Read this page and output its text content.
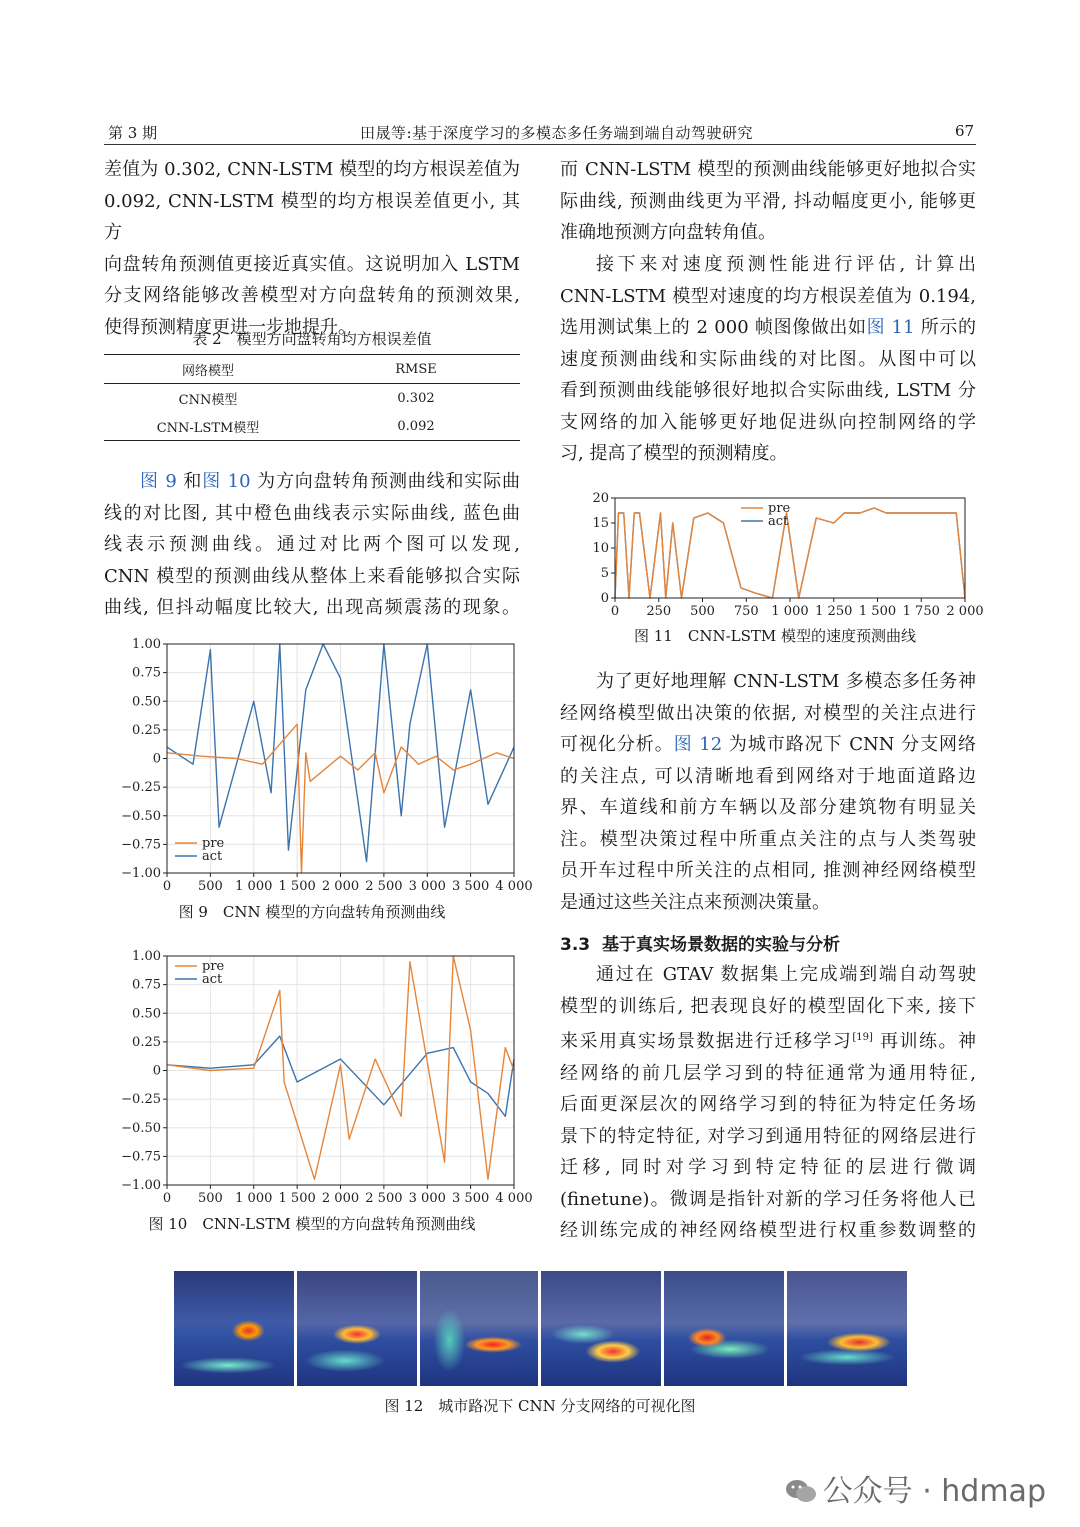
第 3 期	田晟等:基于深度学习的多模态多任务端到端自动驾驶研究	67

差值为 0.302, CNN-LSTM 模型的均方根误差值为

0.092, CNN-LSTM 模型的均方根误差值更小, 其方

向盘转角预测值更接近真实值。这说明加入 LSTM

分支网络能够改善模型对方向盘转角的预测效果,

使得预测精度更进一步地提升。

表 2　模型方向盘转角均方根误差值
网络模型	RMSE
CNN模型	0.302
CNN-LSTM模型	0.092

图 9 和图 10 为方向盘转角预测曲线和实际曲

线的对比图, 其中橙色曲线表示实际曲线, 蓝色曲

线表示预测曲线。通过对比两个图可以发现,

CNN 模型的预测曲线从整体上来看能够拟合实际

曲线, 但抖动幅度比较大, 出现高频震荡的现象。

0 500 1 000 1 500 2 000 2 500 3 000 3 500 4 000
1.00
0.75
0.50
0.25
0
−0.25
−0.50
−0.75
−1.00
pre
act
图 9　CNN 模型的方向盘转角预测曲线
0 500 1 000 1 500 2 000 2 500 3 000 3 500 4 000
1.00
0.75
0.50
0.25
0
−0.25
−0.50
−0.75
−1.00
pre
act
图 10　CNN-LSTM 模型的方向盘转角预测曲线

而 CNN-LSTM 模型的预测曲线能够更好地拟合实

际曲线, 预测曲线更为平滑, 抖动幅度更小, 能够更

准确地预测方向盘转角值。

接下来对速度预测性能进行评估, 计算出

CNN-LSTM 模型对速度的均方根误差值为 0.194,

选用测试集上的 2 000 帧图像做出如图 11 所示的

速度预测曲线和实际曲线的对比图。从图中可以

看到预测曲线能够很好地拟合实际曲线, LSTM 分

支网络的加入能够更好地促进纵向控制网络的学

习, 提高了模型的预测精度。

0 250 500 750 1 000 1 250 1 500 1 750 2 000
20
15
10
5
0
pre
act
图 11　CNN-LSTM 模型的速度预测曲线

为了更好地理解 CNN-LSTM 多模态多任务神

经网络模型做出决策的依据, 对模型的关注点进行

可视化分析。图 12 为城市路况下 CNN 分支网络

的关注点, 可以清晰地看到网络对于地面道路边

界、车道线和前方车辆以及部分建筑物有明显关

注。模型决策过程中所重点关注的点与人类驾驶

员开车过程中所关注的点相同, 推测神经网络模型

是通过这些关注点来预测决策量。

3.3 基于真实场景数据的实验与分析

通过在 GTAV 数据集上完成端到端自动驾驶

模型的训练后, 把表现良好的模型固化下来, 接下

来采用真实场景数据进行迁移学习[19] 再训练。神

经网络的前几层学习到的特征通常为通用特征,

后面更深层次的网络学习到的特征为特定任务场

景下的特定特征, 对学习到通用特征的网络层进行

迁移, 同时对学习到特定特征的层进行微调

(finetune)。微调是指针对新的学习任务将他人已

经训练完成的神经网络模型进行权重参数调整的

图 12　城市路况下 CNN 分支网络的可视化图
公众号 · hdmap
